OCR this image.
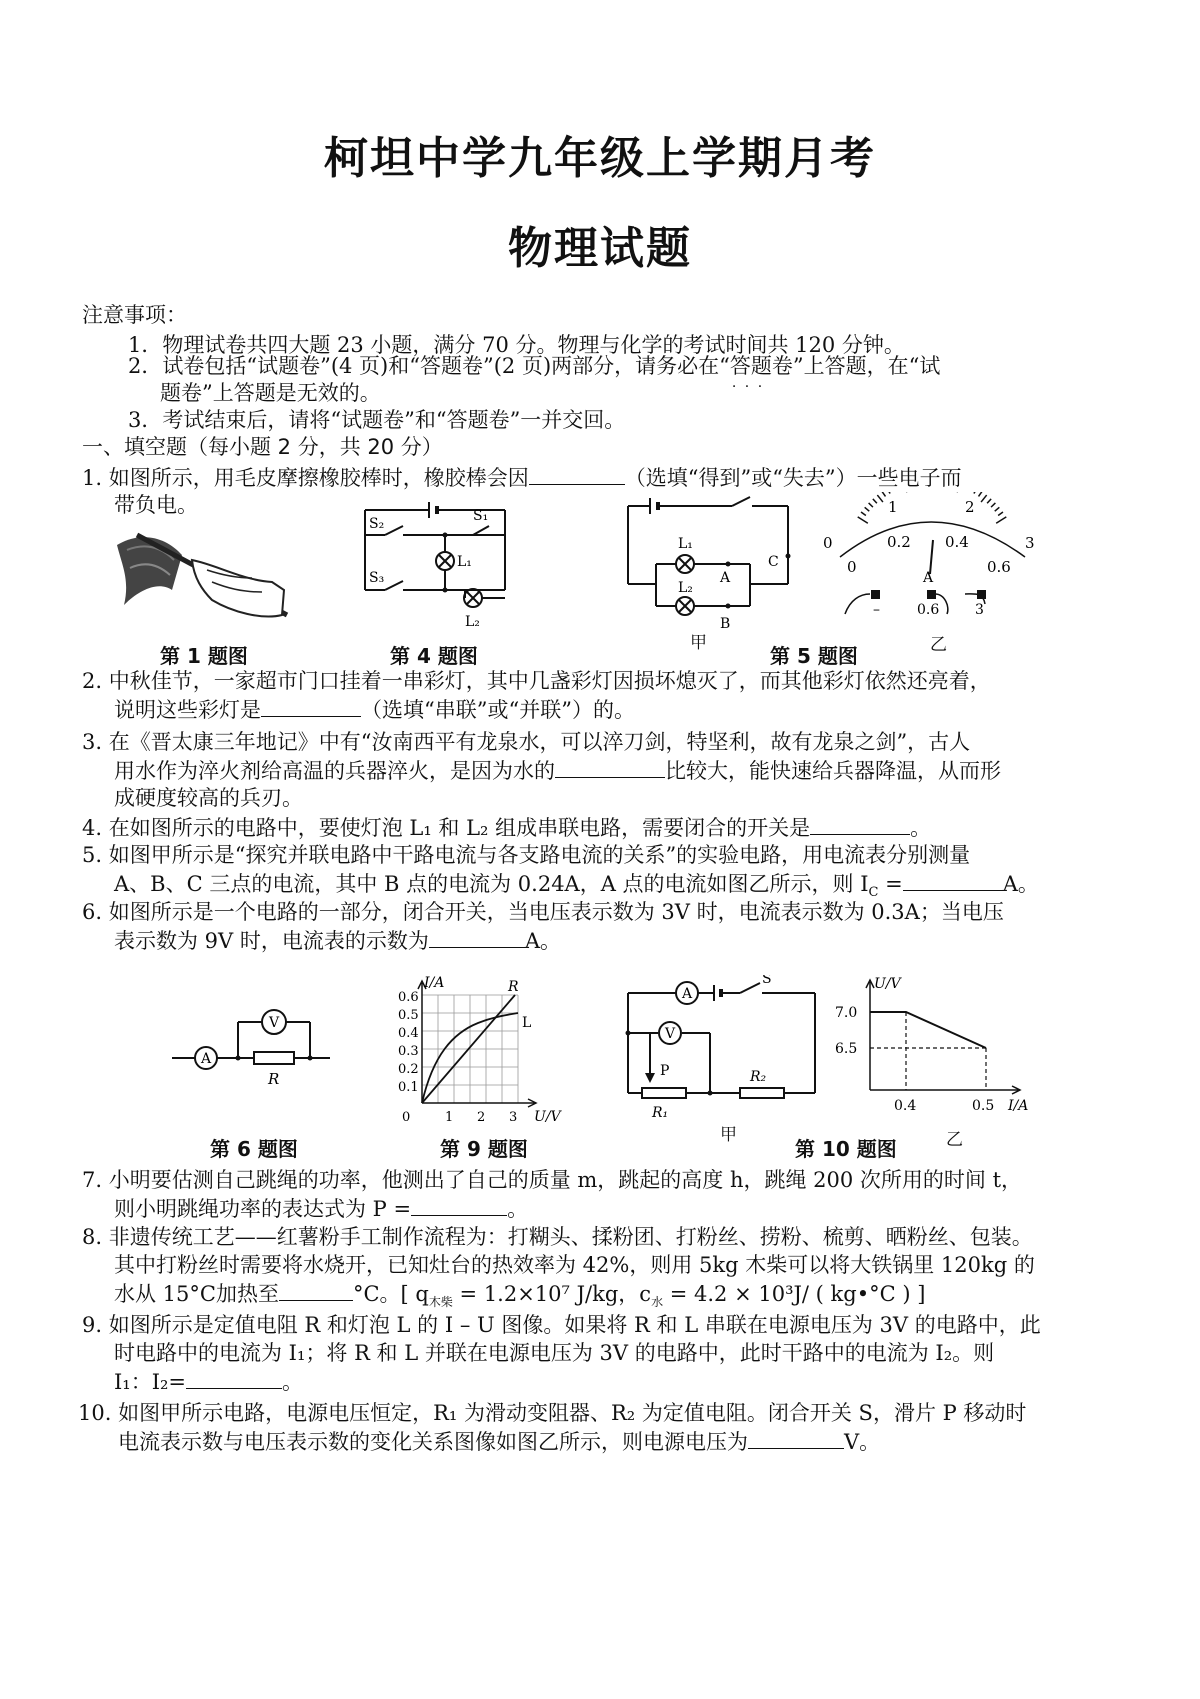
柯坦中学九年级上学期月考
物理试题
注意事项：
1．物理试卷共四大题 23 小题，满分 70 分。物理与化学的考试时间共 120 分钟。
2．试卷包括“试题卷”(4 页)和“答题卷”(2 页)两部分，请务必在“答题卷 · · ·”上答题，在“试
题卷”上答题是无效的。
3．考试结束后，请将“试题卷”和“答题卷”一并交回。
一、填空题（每小题 2 分，共 20 分）
1. 如图所示，用毛皮摩擦橡胶棒时，橡胶棒会因	（选填“得到”或“失去”）一些电子而
带负电。
S₂	S₁
S₃
L₁
L₂
L₁
L₂
A
B
C
0
1	2
3
0
0.2 0.4
0.6
A
–	0.6	3
第 1 题图	第 4 题图
甲
第 5 题图	乙
2. 中秋佳节，一家超市门口挂着一串彩灯，其中几盏彩灯因损坏熄灭了，而其他彩灯依然还亮着，
说明这些彩灯是	（选填“串联”或“并联”）的。
3. 在《晋太康三年地记》中有“汝南西平有龙泉水，可以淬刀剑，特坚利，故有龙泉之剑”，古人
用水作为淬火剂给高温的兵器淬火，是因为水的	比较大，能快速给兵器降温，从而形
成硬度较高的兵刃。
4. 在如图所示的电路中，要使灯泡 L₁ 和 L₂ 组成串联电路，需要闭合的开关是	。
5. 如图甲所示是“探究并联电路中干路电流与各支路电流的关系”的实验电路，用电流表分别测量
A、B、C 三点的电流，其中 B 点的电流为 0.24A，A 点的电流如图乙所示，则 $I_C$ =	A。
6. 如图所示是一个电路的一部分，闭合开关，当电压表示数为 3V 时，电流表示数为 0.3A；当电压
表示数为 9V 时，电流表的示数为	A。
A
V
R
I/A
U/V
R
L
0.6
0.5
0.4
0.3
0.2
0.1
0	1 2 3
A
V
S
P
R₁
R₂
U/V
7.0
6.5
0.4	0.5 I/A
第 6 题图	第 9 题图
甲
第 10 题图	乙
7. 小明要估测自己跳绳的功率，他测出了自己的质量 m，跳起的高度 h，跳绳 200 次所用的时间 t，
则小明跳绳功率的表达式为 P =	。
8. 非遗传统工艺——红薯粉手工制作流程为：打糊头、揉粉团、打粉丝、捞粉、梳剪、晒粉丝、包装。
其中打粉丝时需要将水烧开，已知灶台的热效率为 42%，则用 5kg 木柴可以将大铁锅里 120kg 的
水从 15°C加热至	°C。[ $q_{木柴} = 1.2\times 10^7$ J/kg，$c_水 = 4.2 \times 10^3J/$ ( kg•°C ) ]
9. 如图所示是定值电阻 R 和灯泡 L 的 I – U 图像。如果将 R 和 L 串联在电源电压为 3V 的电路中，此
时电路中的电流为 I₁；将 R 和 L 并联在电源电压为 3V 的电路中，此时干路中的电流为 I₂。则
I₁：I₂=	。
10. 如图甲所示电路，电源电压恒定，R₁ 为滑动变阻器、R₂ 为定值电阻。闭合开关 S，滑片 P 移动时
电流表示数与电压表示数的变化关系图像如图乙所示，则电源电压为	V。
